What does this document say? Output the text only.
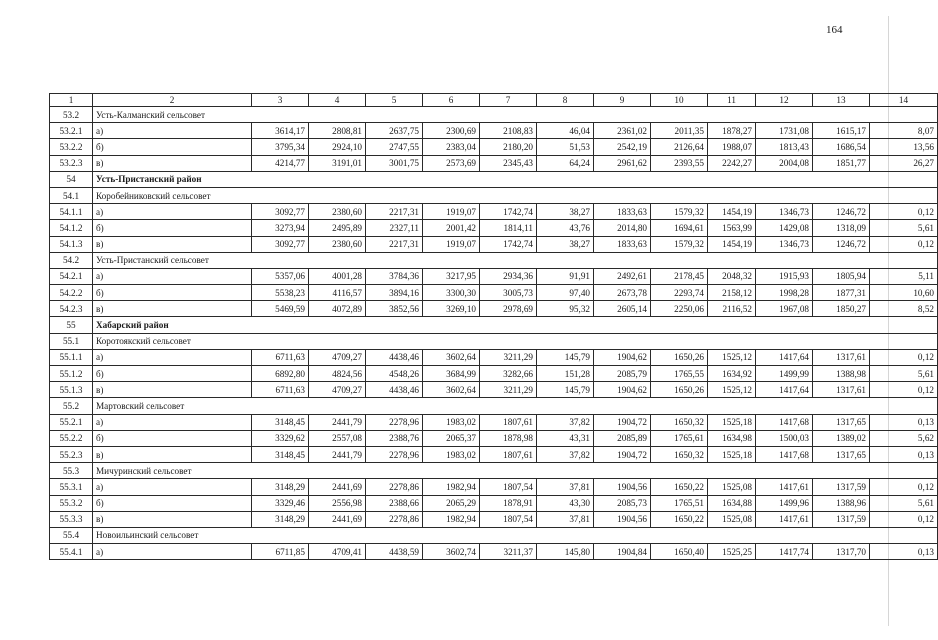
164
1	2	3	4	5	6	7	8	9	10	11	12	13	14
53.2	Усть-Калманский сельсовет												
53.2.1	а)	3614,17	2808,81	2637,75	2300,69	2108,83	46,04	2361,02	2011,35	1878,27	1731,08	1615,17	8,07
53.2.2	б)	3795,34	2924,10	2747,55	2383,04	2180,20	51,53	2542,19	2126,64	1988,07	1813,43	1686,54	13,56
53.2.3	в)	4214,77	3191,01	3001,75	2573,69	2345,43	64,24	2961,62	2393,55	2242,27	2004,08	1851,77	26,27
54	Усть-Пристанский район												
54.1	Коробейниковский сельсовет												
54.1.1	а)	3092,77	2380,60	2217,31	1919,07	1742,74	38,27	1833,63	1579,32	1454,19	1346,73	1246,72	0,12
54.1.2	б)	3273,94	2495,89	2327,11	2001,42	1814,11	43,76	2014,80	1694,61	1563,99	1429,08	1318,09	5,61
54.1.3	в)	3092,77	2380,60	2217,31	1919,07	1742,74	38,27	1833,63	1579,32	1454,19	1346,73	1246,72	0,12
54.2	Усть-Пристанский сельсовет												
54.2.1	а)	5357,06	4001,28	3784,36	3217,95	2934,36	91,91	2492,61	2178,45	2048,32	1915,93	1805,94	5,11
54.2.2	б)	5538,23	4116,57	3894,16	3300,30	3005,73	97,40	2673,78	2293,74	2158,12	1998,28	1877,31	10,60
54.2.3	в)	5469,59	4072,89	3852,56	3269,10	2978,69	95,32	2605,14	2250,06	2116,52	1967,08	1850,27	8,52
55	Хабарский район												
55.1	Коротоякский сельсовет												
55.1.1	а)	6711,63	4709,27	4438,46	3602,64	3211,29	145,79	1904,62	1650,26	1525,12	1417,64	1317,61	0,12
55.1.2	б)	6892,80	4824,56	4548,26	3684,99	3282,66	151,28	2085,79	1765,55	1634,92	1499,99	1388,98	5,61
55.1.3	в)	6711,63	4709,27	4438,46	3602,64	3211,29	145,79	1904,62	1650,26	1525,12	1417,64	1317,61	0,12
55.2	Мартовский сельсовет												
55.2.1	а)	3148,45	2441,79	2278,96	1983,02	1807,61	37,82	1904,72	1650,32	1525,18	1417,68	1317,65	0,13
55.2.2	б)	3329,62	2557,08	2388,76	2065,37	1878,98	43,31	2085,89	1765,61	1634,98	1500,03	1389,02	5,62
55.2.3	в)	3148,45	2441,79	2278,96	1983,02	1807,61	37,82	1904,72	1650,32	1525,18	1417,68	1317,65	0,13
55.3	Мичуринский сельсовет												
55.3.1	а)	3148,29	2441,69	2278,86	1982,94	1807,54	37,81	1904,56	1650,22	1525,08	1417,61	1317,59	0,12
55.3.2	б)	3329,46	2556,98	2388,66	2065,29	1878,91	43,30	2085,73	1765,51	1634,88	1499,96	1388,96	5,61
55.3.3	в)	3148,29	2441,69	2278,86	1982,94	1807,54	37,81	1904,56	1650,22	1525,08	1417,61	1317,59	0,12
55.4	Новоильинский сельсовет												
55.4.1	а)	6711,85	4709,41	4438,59	3602,74	3211,37	145,80	1904,84	1650,40	1525,25	1417,74	1317,70	0,13
